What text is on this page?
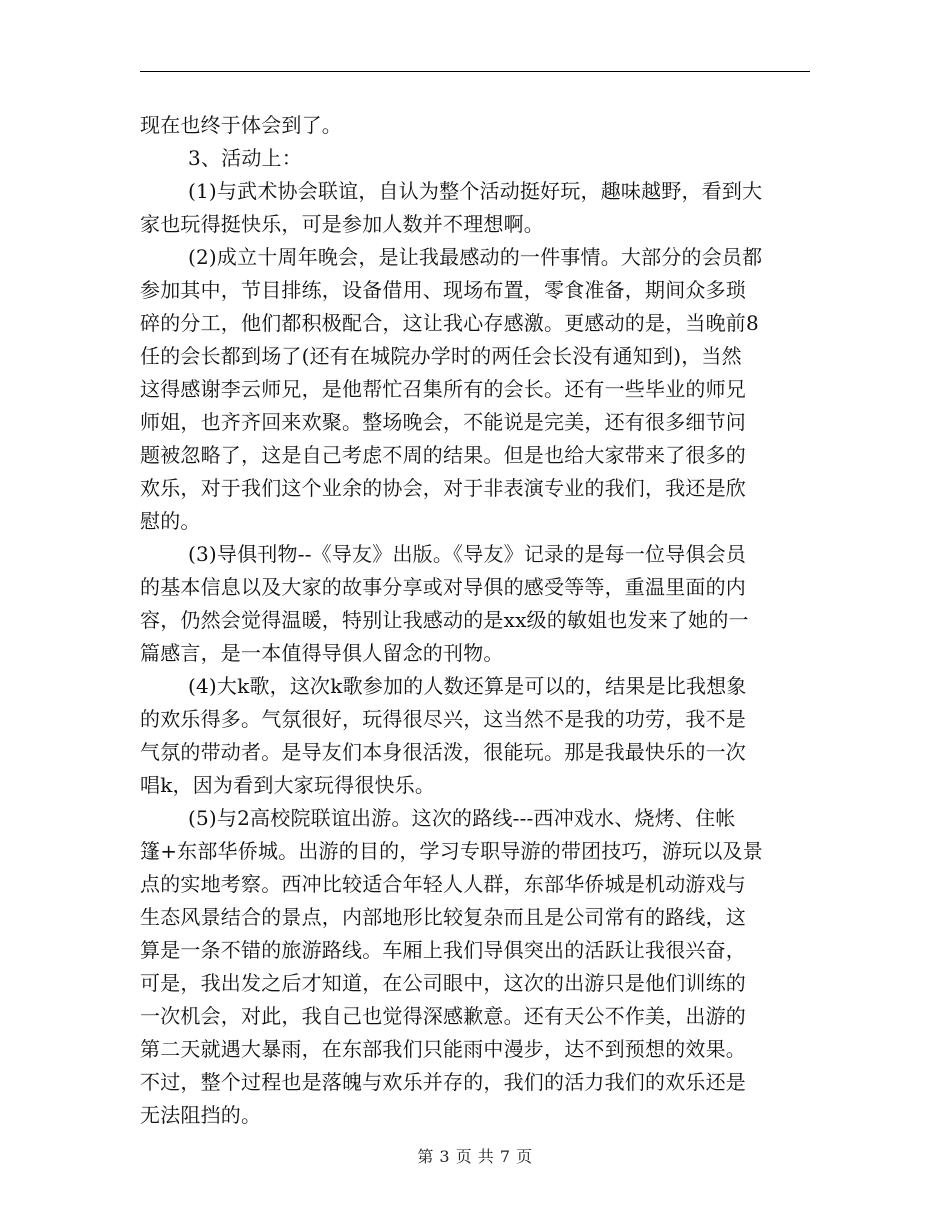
现在也终于体会到了。
3、活动上：
(1)与武术协会联谊，自认为整个活动挺好玩，趣味越野，看到大
家也玩得挺快乐，可是参加人数并不理想啊。
(2)成立十周年晚会，是让我最感动的一件事情。大部分的会员都
参加其中，节目排练，设备借用、现场布置，零食准备，期间众多琐
碎的分工，他们都积极配合，这让我心存感激。更感动的是，当晚前8
任的会长都到场了(还有在城院办学时的两任会长没有通知到)，当然
这得感谢李云师兄，是他帮忙召集所有的会长。还有一些毕业的师兄
师姐，也齐齐回来欢聚。整场晚会，不能说是完美，还有很多细节问
题被忽略了，这是自己考虑不周的结果。但是也给大家带来了很多的
欢乐，对于我们这个业余的协会，对于非表演专业的我们，我还是欣
慰的。
(3)导俱刊物--《导友》出版。《导友》记录的是每一位导俱会员
的基本信息以及大家的故事分享或对导俱的感受等等，重温里面的内
容，仍然会觉得温暖，特别让我感动的是xx级的敏姐也发来了她的一
篇感言，是一本值得导俱人留念的刊物。
(4)大k歌，这次k歌参加的人数还算是可以的，结果是比我想象
的欢乐得多。气氛很好，玩得很尽兴，这当然不是我的功劳，我不是
气氛的带动者。是导友们本身很活泼，很能玩。那是我最快乐的一次
唱k，因为看到大家玩得很快乐。
(5)与2高校院联谊出游。这次的路线---西冲戏水、烧烤、住帐
篷+东部华侨城。出游的目的，学习专职导游的带团技巧，游玩以及景
点的实地考察。西冲比较适合年轻人人群，东部华侨城是机动游戏与
生态风景结合的景点，内部地形比较复杂而且是公司常有的路线，这
算是一条不错的旅游路线。车厢上我们导俱突出的活跃让我很兴奋，
可是，我出发之后才知道，在公司眼中，这次的出游只是他们训练的
一次机会，对此，我自己也觉得深感歉意。还有天公不作美，出游的
第二天就遇大暴雨，在东部我们只能雨中漫步，达不到预想的效果。
不过，整个过程也是落魄与欢乐并存的，我们的活力我们的欢乐还是
无法阻挡的。
第 3 页 共 7 页
